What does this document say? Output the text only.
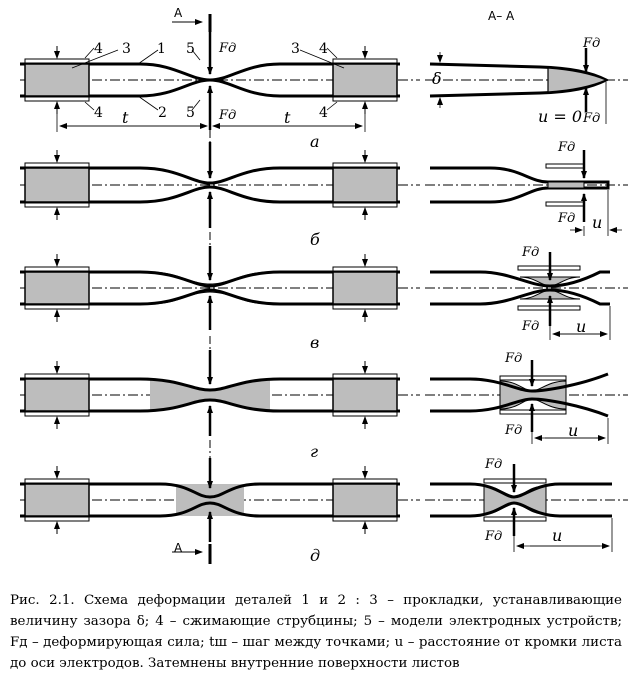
A
A
A– A
4 3 1 5	3 4
4	2 5	4
Fд
Fд
Fд
Fд
Fд
Fд
Fд
Fд
Fд
Fд
Fд
Fд
t	t
δ
u = 0
u
u
u
u
а
б
в
г
д
Рис. 2.1. Схема деформации деталей 1 и 2 : 3 – прокладки, устанавливающие величину зазора δ; 4 – сжимающие струбцины; 5 – модели электродных устройств; Fд – деформирующая сила; tш – шаг между точками; u – расстояние от кромки листа до оси электродов. Затемнены внутренние поверхности листов
